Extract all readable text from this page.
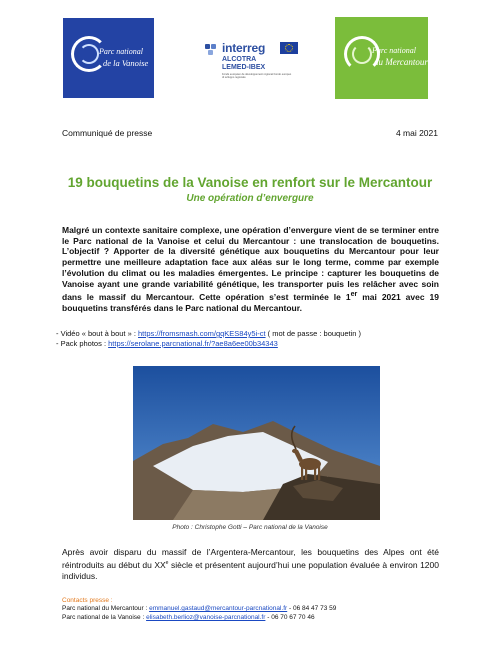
Parc national
de la Vanoise
interreg
ALCOTRA
LEMED-IBEX
Fonds européen de développement régional Fondo europeo di sviluppo regionale
Parc national
du Mercantour
Communiqué de presse	4 mai 2021
19 bouquetins de la Vanoise en renfort sur le Mercantour
Une opération d’envergure

Malgré un contexte sanitaire complexe, une opération d’envergure vient de se terminer entre le Parc national de la Vanoise et celui du Mercantour : une translocation de bouquetins. L’objectif ? Apporter de la diversité génétique aux bouquetins du Mercantour pour leur permettre une meilleure adaptation face aux aléas sur le long terme, comme par exemple l’évolution du climat ou les maladies émergentes. Le principe : capturer les bouquetins de Vanoise ayant une grande variabilité génétique, les transporter puis les relâcher avec soin dans le massif du Mercantour. Cette opération s’est terminée le 1er mai 2021 avec 19 bouquetins transférés dans le Parc national du Mercantour.

- Vidéo « bout à bout » : https://fromsmash.com/gqKES84y5i-ct ( mot de passe : bouquetin )
- Pack photos : https://serolane.parcnational.fr/?ae8a6ee00b34343
Photo : Christophe Gotti – Parc national de la Vanoise

Après avoir disparu du massif de l’Argentera-Mercantour, les bouquetins des Alpes ont été réintroduits au début du XXe siècle et présentent aujourd’hui une population évaluée à environ 1200 individus.

Contacts presse :
Parc national du Mercantour : emmanuel.gastaud@mercantour-parcnational.fr - 06 84 47 73 59
Parc national de la Vanoise : elisabeth.berlioz@vanoise-parcnational.fr - 06 70 67 70 46
